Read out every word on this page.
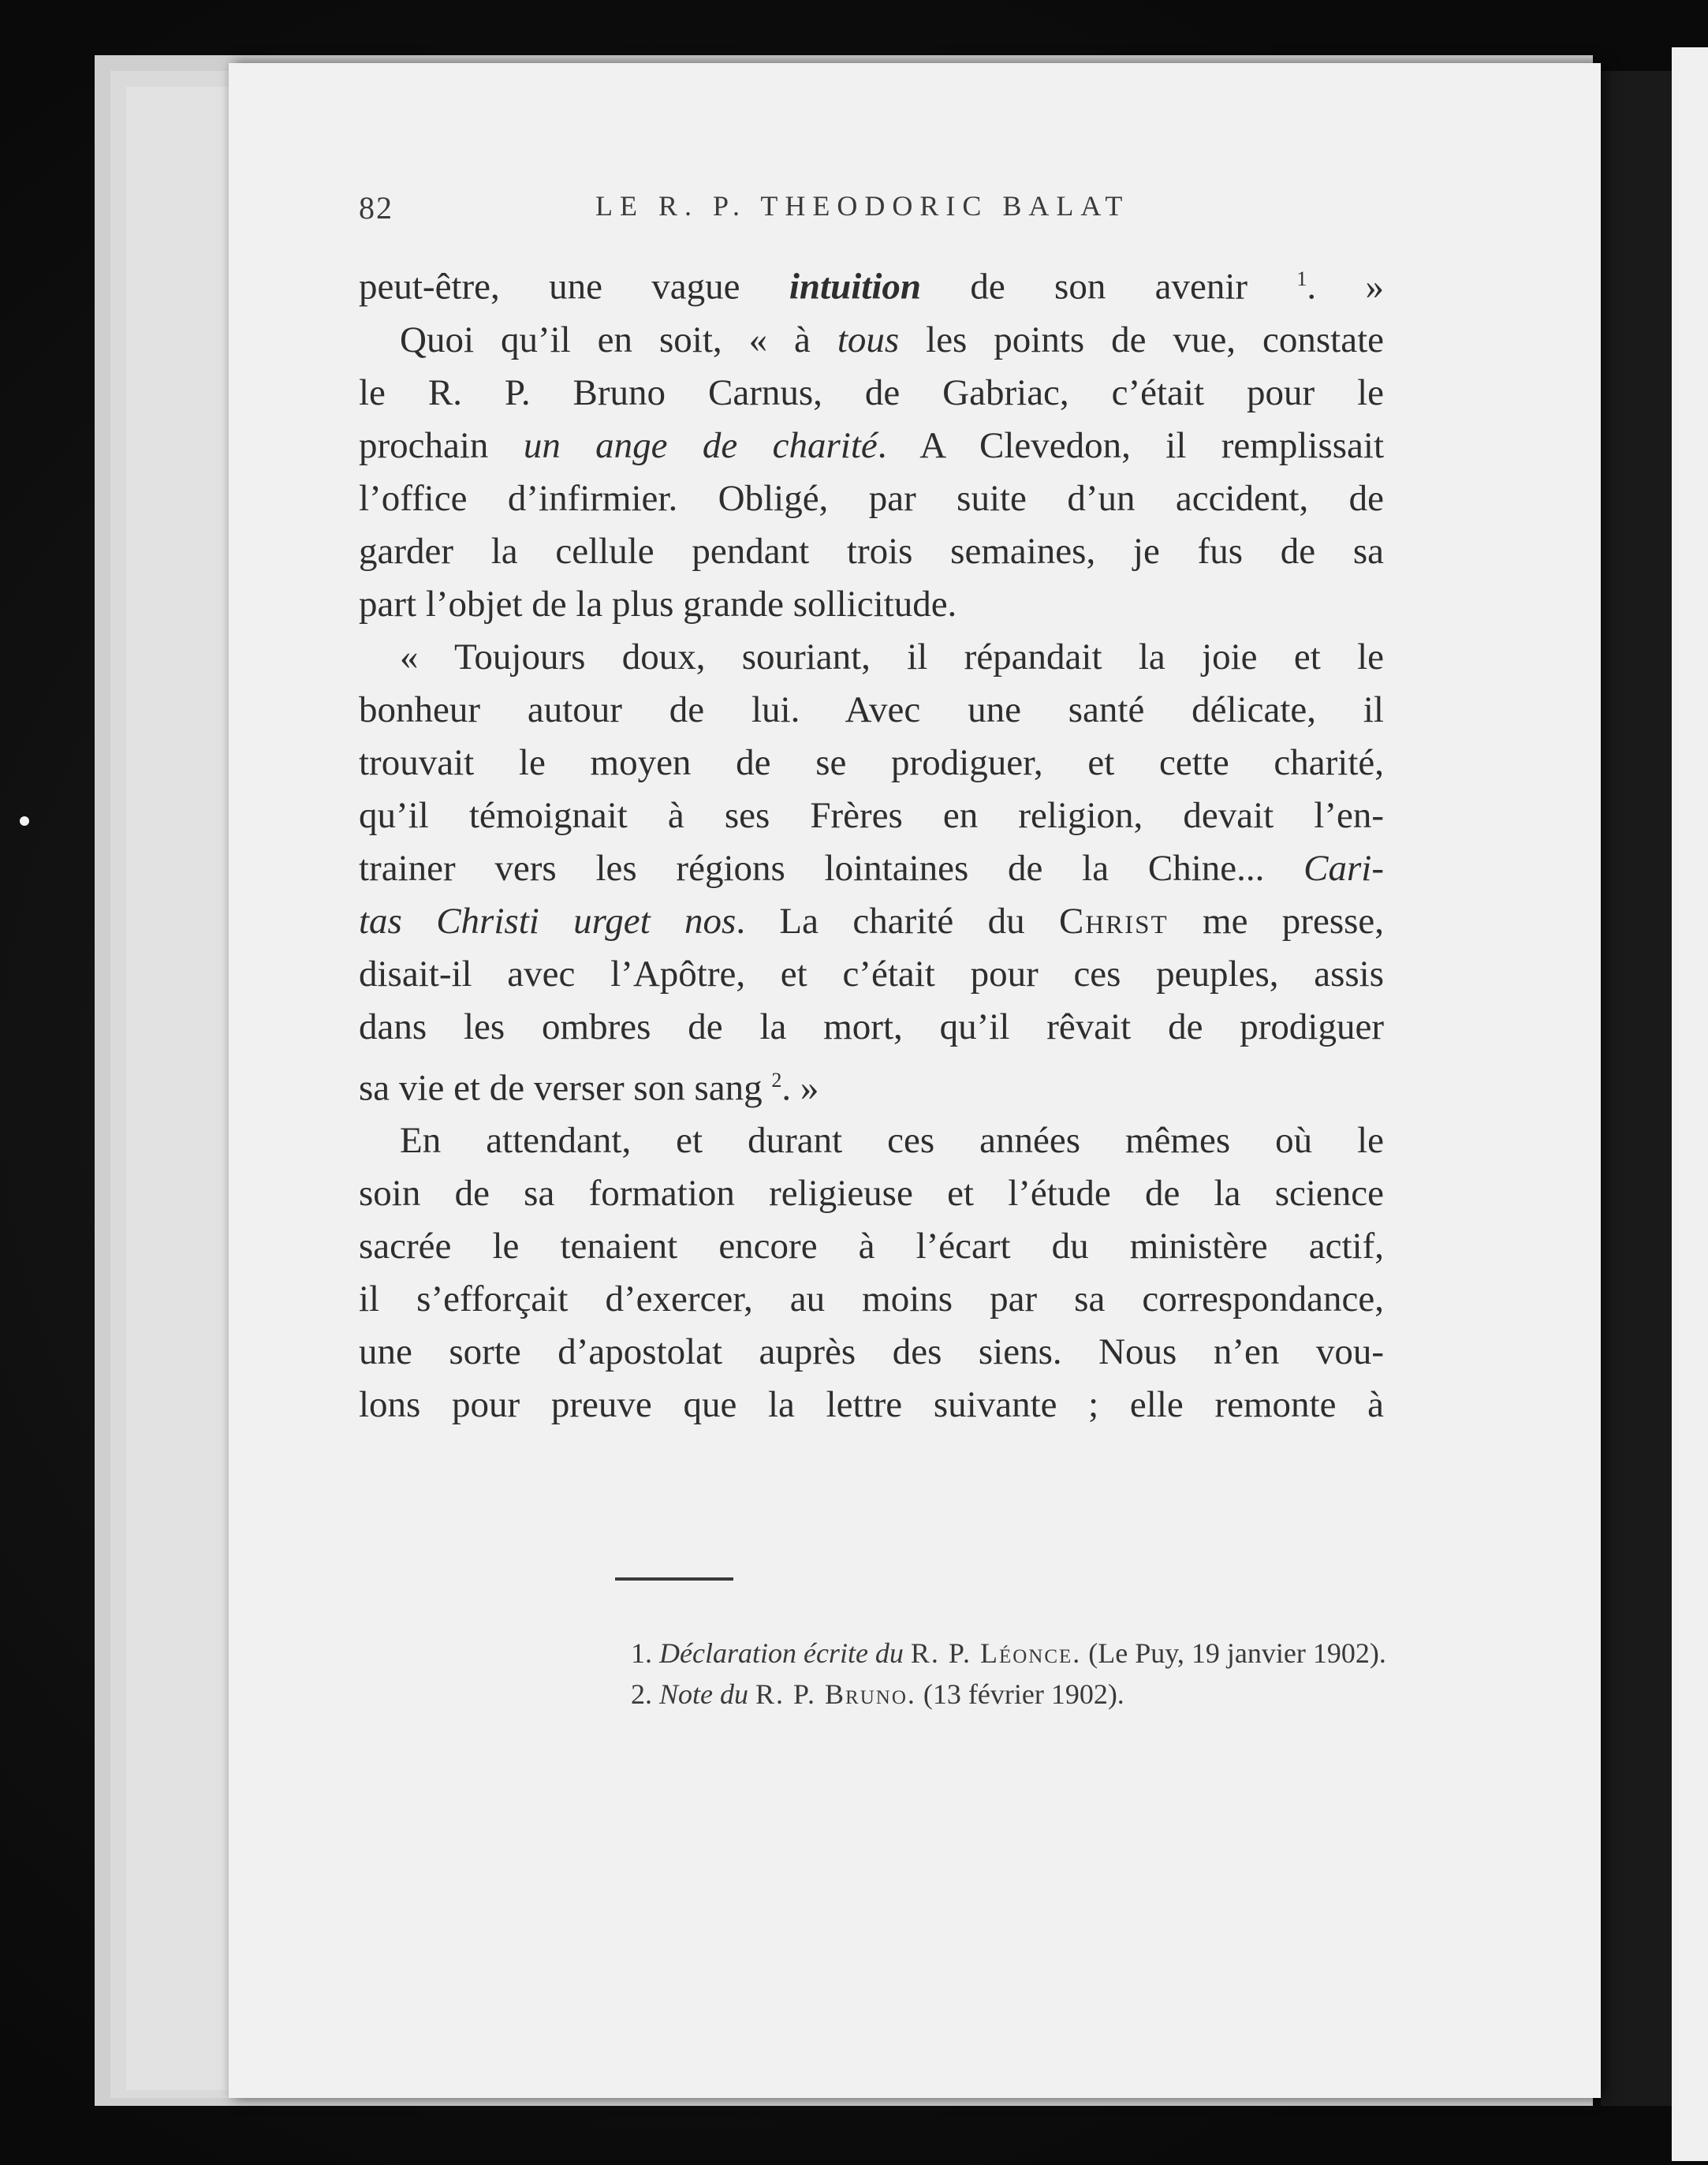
82	LE R. P. THEODORIC BALAT
peut-être, une vague intuition de son avenir $^1$. »
Quoi qu’il en soit, « à tous les points de vue, constate
le R. P. Bruno Carnus, de Gabriac, c’était pour le
prochain un ange de charité. A Clevedon, il remplissait
l’office d’infirmier. Obligé, par suite d’un accident, de
garder la cellule pendant trois semaines, je fus de sa
part l’objet de la plus grande sollicitude.
« Toujours doux, souriant, il répandait la joie et le
bonheur autour de lui. Avec une santé délicate, il
trouvait le moyen de se prodiguer, et cette charité,
qu’il témoignait à ses Frères en religion, devait l’en-
trainer vers les régions lointaines de la Chine... Cari-
tas Christi urget nos. La charité du Christ me presse,
disait-il avec l’Apôtre, et c’était pour ces peuples, assis
dans les ombres de la mort, qu’il rêvait de prodiguer
sa vie et de verser son sang $^2$. »
En attendant, et durant ces années mêmes où le
soin de sa formation religieuse et l’étude de la science
sacrée le tenaient encore à l’écart du ministère actif,
il s’efforçait d’exercer, au moins par sa correspondance,
une sorte d’apostolat auprès des siens. Nous n’en vou-
lons pour preuve que la lettre suivante ; elle remonte à

1. Déclaration écrite du R. P. Léonce. (Le Puy, 19 janvier 1902).

2. Note du R. P. Bruno. (13 février 1902).
